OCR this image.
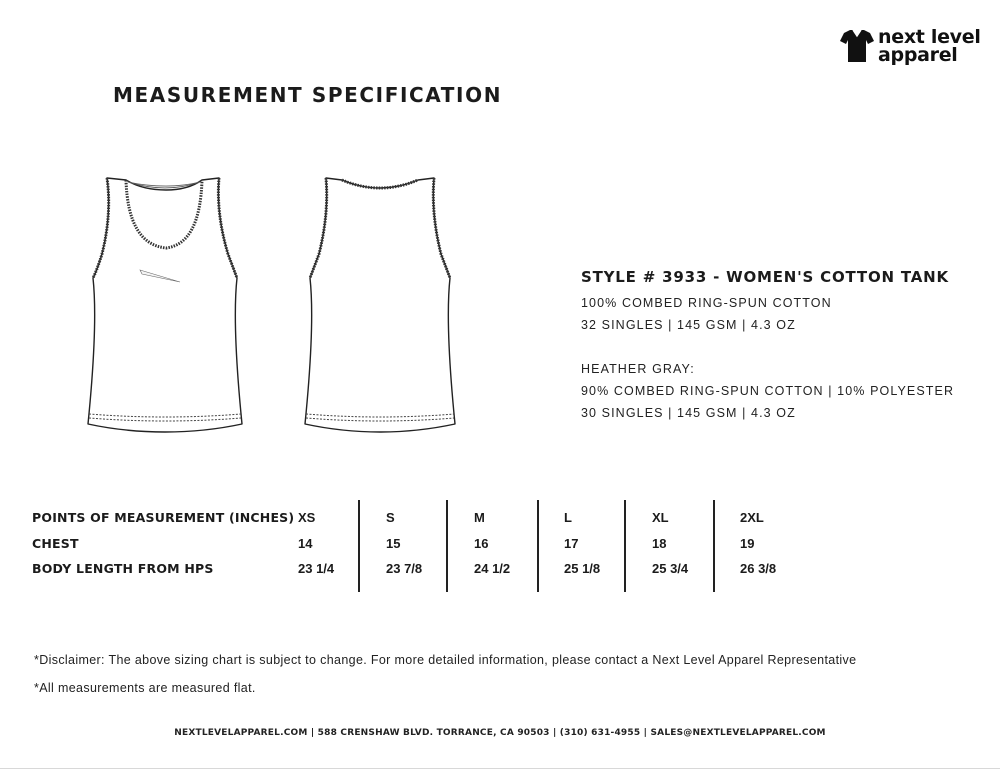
next level
apparel
MEASUREMENT SPECIFICATION
STYLE # 3933 - WOMEN'S COTTON TANK
100% COMBED RING-SPUN COTTON
32 SINGLES | 145 GSM | 4.3 OZ
HEATHER GRAY:
90% COMBED RING-SPUN COTTON | 10% POLYESTER
30 SINGLES | 145 GSM | 4.3 OZ
POINTS OF MEASUREMENT (INCHES)
CHEST
BODY LENGTH FROM HPS
XS
14
23 1/4
S
15
23 7/8
M
16
24 1/2
L
17
25 1/8
XL
18
25 3/4
2XL
19
26 3/8
*Disclaimer: The above sizing chart is subject to change. For more detailed information, please contact a Next Level Apparel Representative
*All measurements are measured flat.
NEXTLEVELAPPAREL.COM | 588 CRENSHAW BLVD. TORRANCE, CA 90503 | (310) 631-4955 | SALES@NEXTLEVELAPPAREL.COM
